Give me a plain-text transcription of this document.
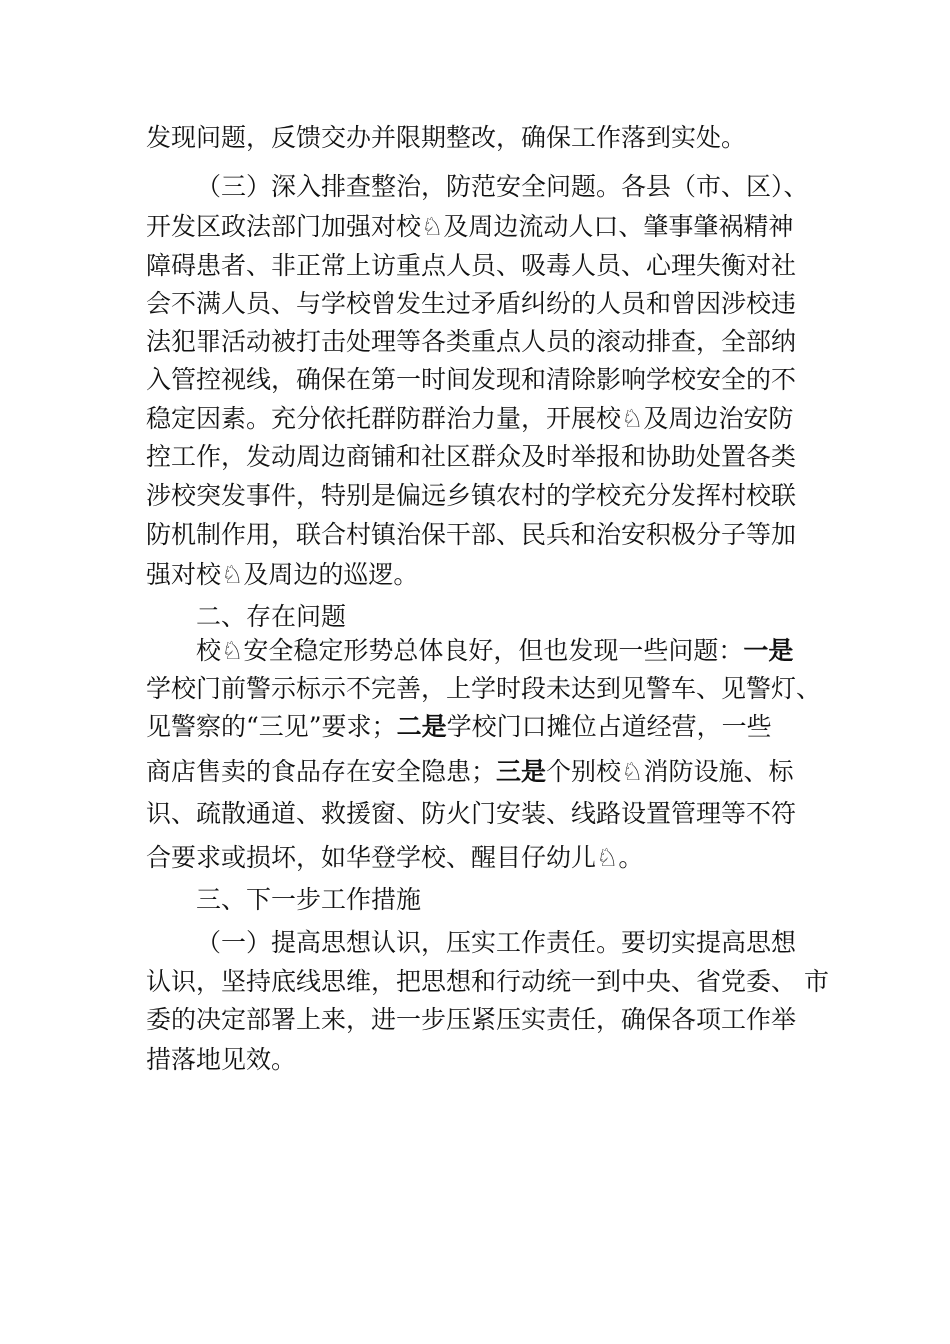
发现问题，反馈交办并限期整改，确保工作落到实处。
（三）深入排查整治，防范安全问题。各县（市、区）、
开发区政法部门加强对校♘及周边流动人口、肇事肇祸精神
障碍患者、非正常上访重点人员、吸毒人员、心理失衡对社
会不满人员、与学校曾发生过矛盾纠纷的人员和曾因涉校违
法犯罪活动被打击处理等各类重点人员的滚动排查，全部纳
入管控视线，确保在第一时间发现和清除影响学校安全的不
稳定因素。充分依托群防群治力量，开展校♘及周边治安防
控工作，发动周边商铺和社区群众及时举报和协助处置各类
涉校突发事件，特别是偏远乡镇农村的学校充分发挥村校联
防机制作用，联合村镇治保干部、民兵和治安积极分子等加
强对校♘及周边的巡逻。
二、存在问题
校♘安全稳定形势总体良好，但也发现一些问题：一是
学校门前警示标示不完善，上学时段未达到见警车、见警灯、
见警察的“三见”要求；二是学校门口摊位占道经营，一些
商店售卖的食品存在安全隐患；三是个别校♘消防设施、标
识、疏散通道、救援窗、防火门安装、线路设置管理等不符
合要求或损坏，如华登学校、醒目仔幼儿♘。
三、下一步工作措施
（一）提高思想认识，压实工作责任。要切实提高思想
认识，坚持底线思维，把思想和行动统一到中央、省党委、 市
委的决定部署上来，进一步压紧压实责任，确保各项工作举
措落地见效。
